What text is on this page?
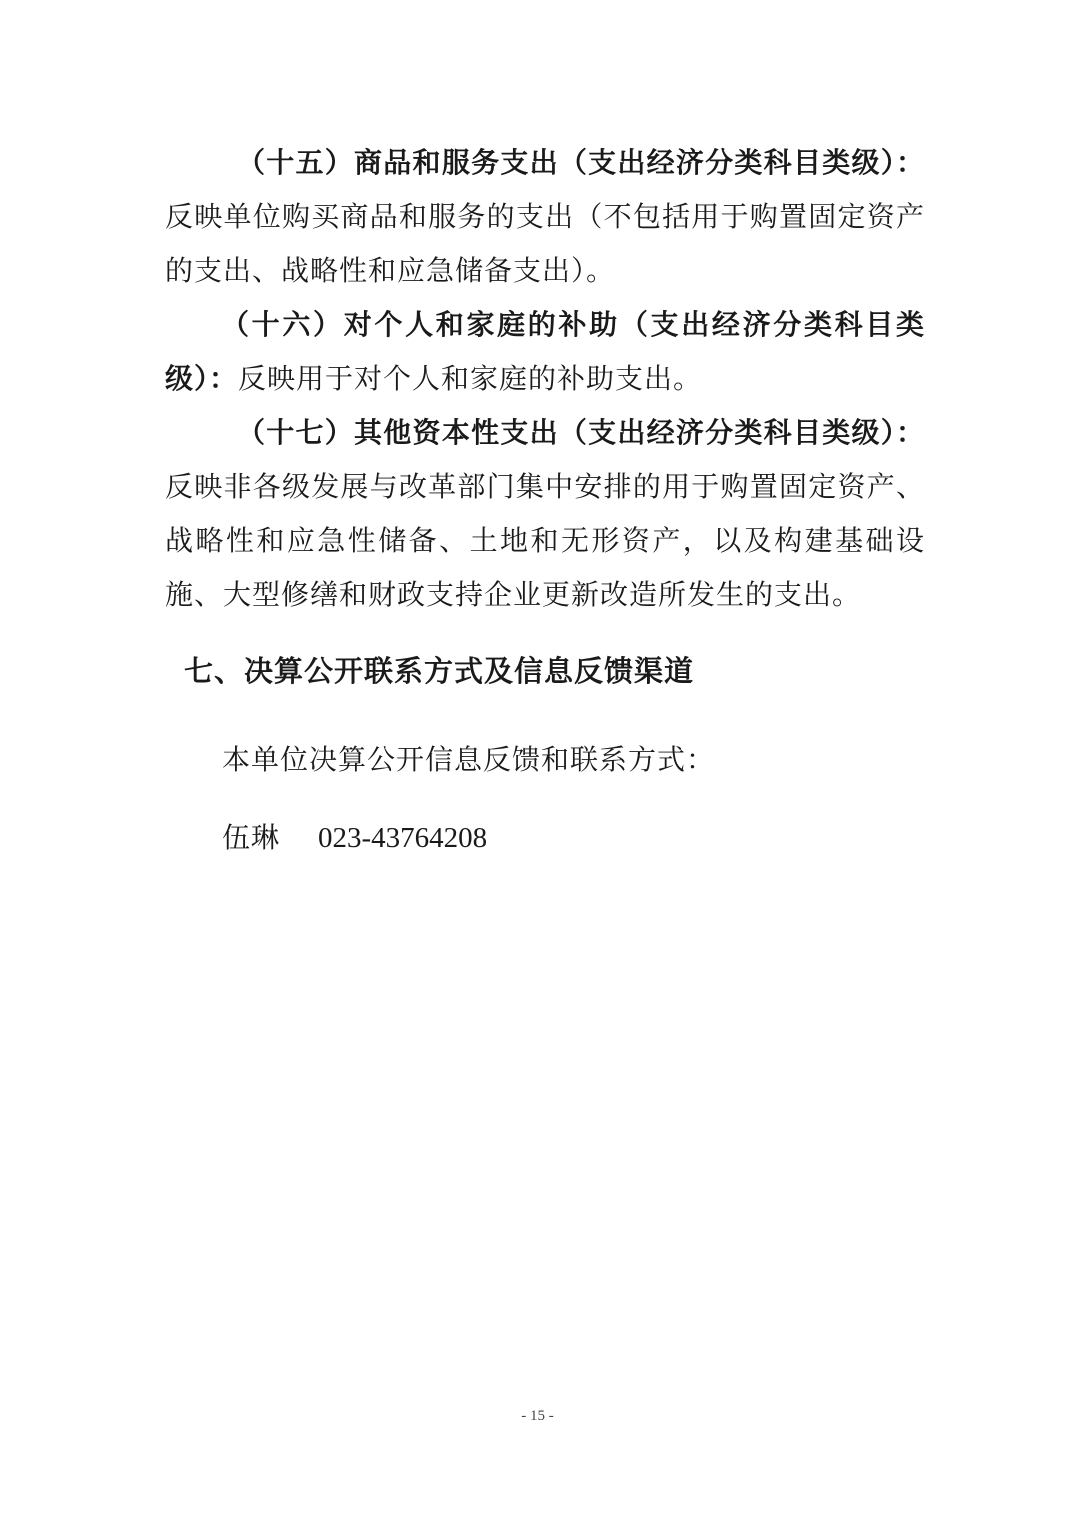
（十五）商品和服务支出（支出经济分类科目类级）：反映单位购买商品和服务的支出（不包括用于购置固定资产的支出、战略性和应急储备支出）。

（十六）对个人和家庭的补助（支出经济分类科目类级）：反映用于对个人和家庭的补助支出。

（十七）其他资本性支出（支出经济分类科目类级）：反映非各级发展与改革部门集中安排的用于购置固定资产、战略性和应急性储备、土地和无形资产，以及构建基础设施、大型修缮和财政支持企业更新改造所发生的支出。

七、决算公开联系方式及信息反馈渠道

本单位决算公开信息反馈和联系方式：

伍琳 023-43764208

- 15 -
